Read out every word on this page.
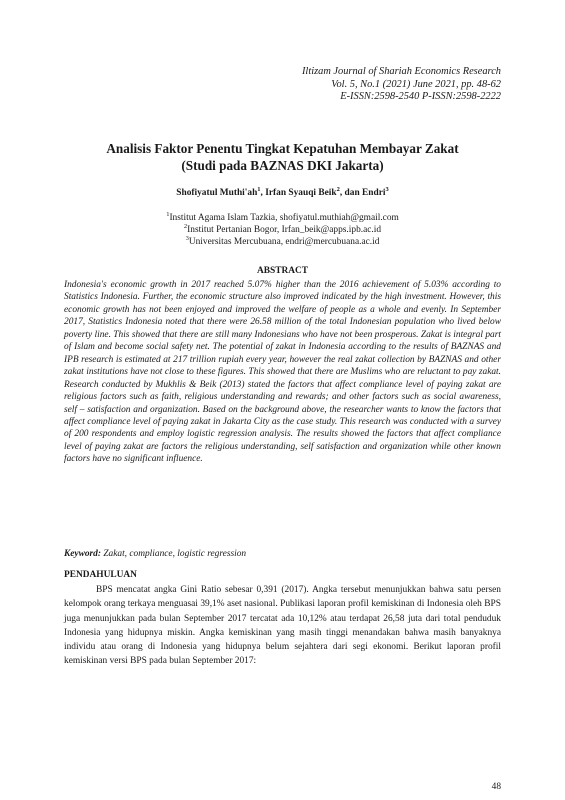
Iltizam Journal of Shariah Economics Research
Vol. 5, No.1 (2021) June 2021, pp. 48-62
E-ISSN:2598-2540 P-ISSN:2598-2222
Analisis Faktor Penentu Tingkat Kepatuhan Membayar Zakat
(Studi pada BAZNAS DKI Jakarta)
Shofiyatul $Muthi'ah^1$, Irfan Syauqi Beik$^2$, dan Endri$^3$
$^1$Institut Agama Islam Tazkia, shofiyatul.muthiah@gmail.com
$^2$Institut Pertanian Bogor, Irfan_beik@apps.ipb.ac.id
$^3$Universitas Mercubuana, endri@mercubuana.ac.id
ABSTRACT

Indonesia's economic growth in 2017 reached 5.07% higher than the 2016 achievement of 5.03% according to Statistics Indonesia. Further, the economic structure also improved indicated by the high investment. However, this economic growth has not been enjoyed and improved the welfare of people as a whole and evenly. In September 2017, Statistics Indonesia noted that there were 26.58 million of the total Indonesian population who lived below poverty line. This showed that there are still many Indonesians who have not been prosperous. Zakat is integral part of Islam and become social safety net. The potential of zakat in Indonesia according to the results of BAZNAS and IPB research is estimated at 217 trillion rupiah every year, however the real zakat collection by BAZNAS and other zakat institutions have not close to these figures. This showed that there are Muslims who are reluctant to pay zakat. Research conducted by Mukhlis & Beik (2013) stated the factors that affect compliance level of paying zakat are religious factors such as faith, religious understanding and rewards; and other factors such as social awareness, self – satisfaction and organization. Based on the background above, the researcher wants to know the factors that affect compliance level of paying zakat in Jakarta City as the case study. This research was conducted with a survey of 200 respondents and employ logistic regression analysis. The results showed the factors that affect compliance level of paying zakat are factors the religious understanding, self satisfaction and organization while other known factors have no significant influence.

Keyword: Zakat, compliance, logistic regression
PENDAHULUAN

BPS mencatat angka Gini Ratio sebesar 0,391 (2017). Angka tersebut menunjukkan bahwa satu persen kelompok orang terkaya menguasai 39,1% aset nasional. Publikasi laporan profil kemiskinan di Indonesia oleh BPS juga menunjukkan pada bulan September 2017 tercatat ada 10,12% atau terdapat 26,58 juta dari total penduduk Indonesia yang hidupnya miskin. Angka kemiskinan yang masih tinggi menandakan bahwa masih banyaknya individu atau orang di Indonesia yang hidupnya belum sejahtera dari segi ekonomi. Berikut laporan profil kemiskinan versi BPS pada bulan September 2017:

48
